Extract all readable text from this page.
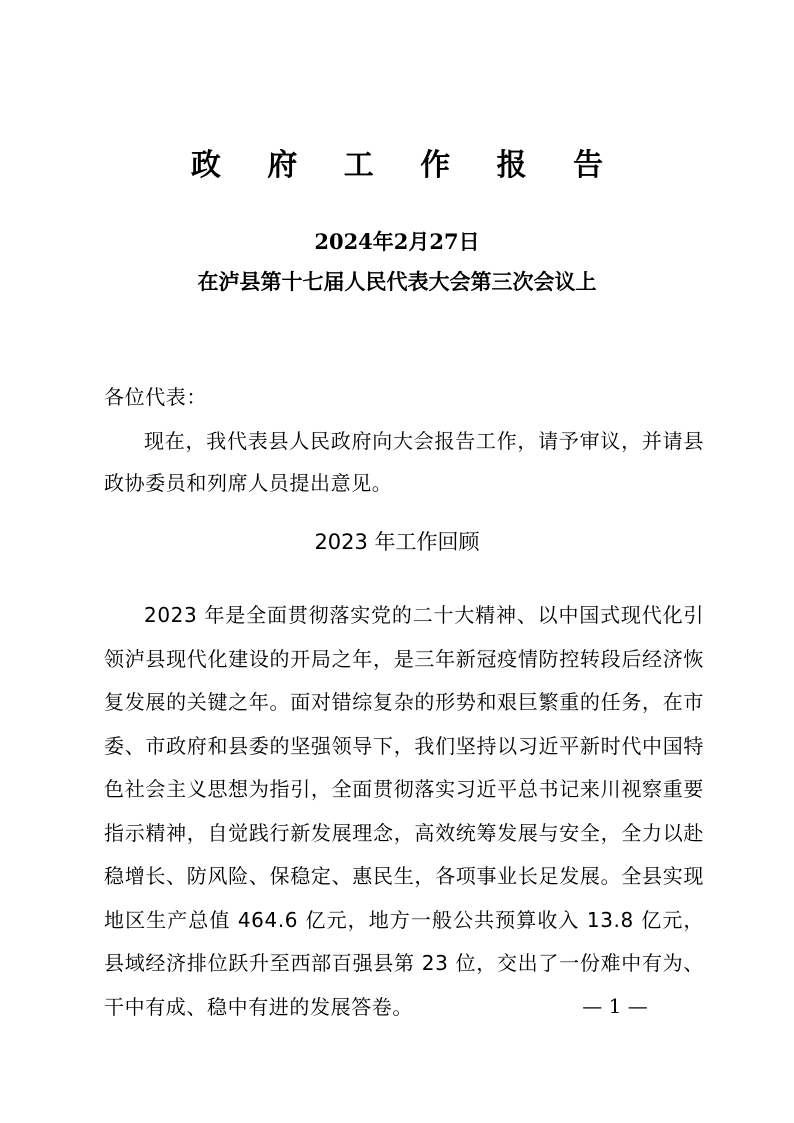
政 府 工 作 报 告
2024年2月27日
在泸县第十七届人民代表大会第三次会议上
各位代表：
现在，我代表县人民政府向大会报告工作，请予审议，并请县政协委员和列席人员提出意见。
2023 年工作回顾
2023 年是全面贯彻落实党的二十大精神、以中国式现代化引领泸县现代化建设的开局之年，是三年新冠疫情防控转段后经济恢复发展的关键之年。面对错综复杂的形势和艰巨繁重的任务，在市委、市政府和县委的坚强领导下，我们坚持以习近平新时代中国特色社会主义思想为指引，全面贯彻落实习近平总书记来川视察重要指示精神，自觉践行新发展理念，高效统筹发展与安全，全力以赴稳增长、防风险、保稳定、惠民生，各项事业长足发展。全县实现地区生产总值 464.6 亿元，地方一般公共预算收入 13.8 亿元，县域经济排位跃升至西部百强县第 23 位，交出了一份难中有为、干中有成、稳中有进的发展答卷。	— 1 —
